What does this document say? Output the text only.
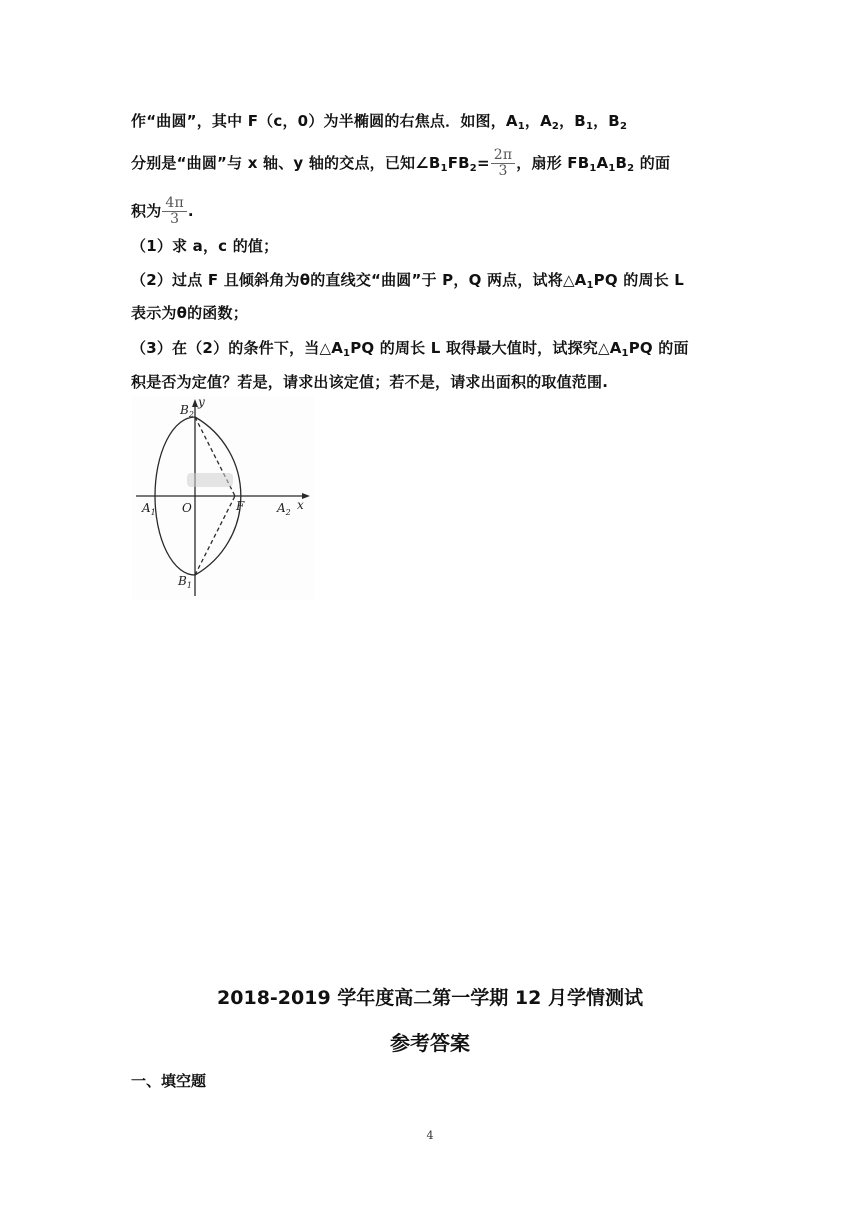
作“曲圆”，其中 F（c，0）为半椭圆的右焦点．如图，$A_1$，$A_2$，$B_1$，$B_2$
分别是“曲圆”与 x 轴、y 轴的交点，已知$\angle B_1FB_2= \frac{2\pi}{3}$ ，扇形 $FB_1A_1B_2$ 的面
积为 $\frac{4\pi}{3}$ .
（1）求 a，c 的值；
（2）过点 F 且倾斜角为θ的直线交“曲圆”于 P，Q 两点，试将$\triangle A_1PQ$ 的周长 L
表示为θ的函数；
（3）在（2）的条件下，当$\triangle A_1PQ$ 的周长 L 取得最大值时，试探究$\triangle A_1PQ$ 的面
积是否为定值？若是，请求出该定值；若不是，请求出面积的取值范围.
$B_2$
y
$A_1$ O	F	$A_2$
x
$B_1$
2018-2019 学年度高二第一学期 12 月学情测试
参考答案
一、填空题
4
